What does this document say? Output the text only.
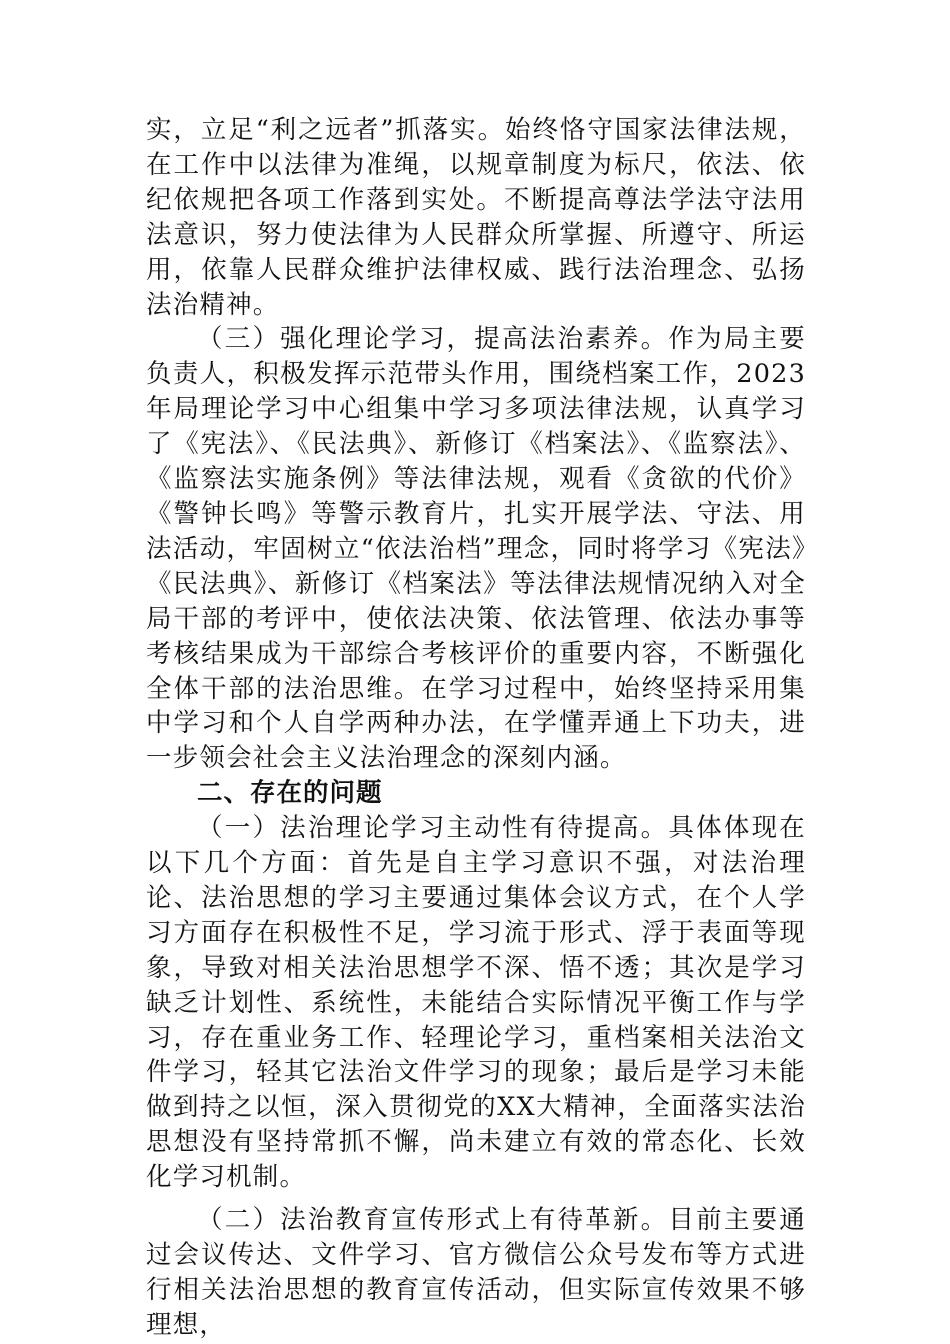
实，立足“利之远者”抓落实。始终恪守国家法律法规，在工作中以法律为准绳，以规章制度为标尺，依法、依纪依规把各项工作落到实处。不断提高尊法学法守法用法意识，努力使法律为人民群众所掌握、所遵守、所运用，依靠人民群众维护法律权威、践行法治理念、弘扬法治精神。

（三）强化理论学习，提高法治素养。作为局主要负责人，积极发挥示范带头作用，围绕档案工作，2023年局理论学习中心组集中学习多项法律法规，认真学习了《宪法》、《民法典》、新修订《档案法》、《监察法》、《监察法实施条例》等法律法规，观看《贪欲的代价》《警钟长鸣》等警示教育片，扎实开展学法、守法、用法活动，牢固树立“依法治档”理念，同时将学习《宪法》《民法典》、新修订《档案法》等法律法规情况纳入对全局干部的考评中，使依法决策、依法管理、依法办事等考核结果成为干部综合考核评价的重要内容，不断强化全体干部的法治思维。在学习过程中，始终坚持采用集中学习和个人自学两种办法，在学懂弄通上下功夫，进一步领会社会主义法治理念的深刻内涵。

二、存在的问题

（一）法治理论学习主动性有待提高。具体体现在以下几个方面：首先是自主学习意识不强，对法治理论、法治思想的学习主要通过集体会议方式，在个人学习方面存在积极性不足，学习流于形式、浮于表面等现象，导致对相关法治思想学不深、悟不透；其次是学习缺乏计划性、系统性，未能结合实际情况平衡工作与学习，存在重业务工作、轻理论学习，重档案相关法治文件学习，轻其它法治文件学习的现象；最后是学习未能做到持之以恒，深入贯彻党的XX大精神，全面落实法治思想没有坚持常抓不懈，尚未建立有效的常态化、长效化学习机制。

（二）法治教育宣传形式上有待革新。目前主要通过会议传达、文件学习、官方微信公众号发布等方式进行相关法治思想的教育宣传活动，但实际宣传效果不够理想，
